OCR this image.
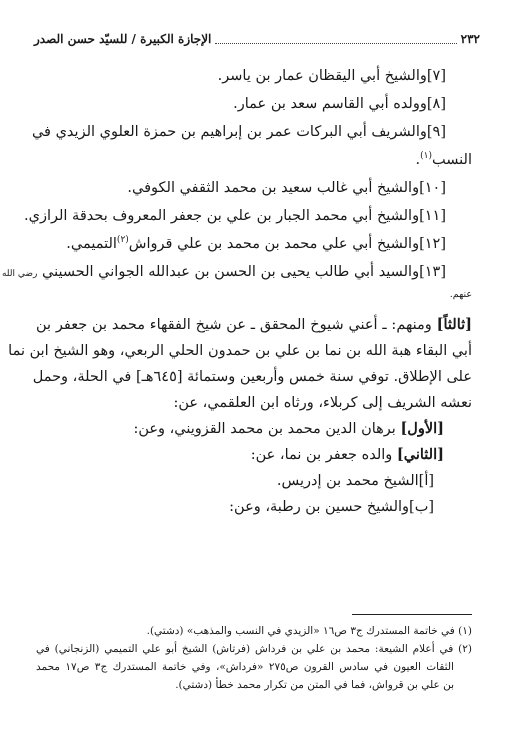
٢٣٢
الإجازة الكبيرة / للسيّد حسن الصدر
[٧]والشيخ أبي اليقظان عمار بن ياسر.
[٨]وولده أبي القاسم سعد بن عمار.
[٩]والشريف أبي البركات عمر بن إبراهيم بن حمزة العلوي الزيدي في
النسب$^{(١)}$.
[١٠]والشيخ أبي غالب سعيد بن محمد الثقفي الكوفي.
[١١]والشيخ أبي محمد الجبار بن علي بن جعفر المعروف بحدقة الرازي.
[١٢]والشيخ أبي علي محمد بن محمد بن علي قرواش$^{(٢)}$التميمي.
[١٣]والسيد أبي طالب يحيى بن الحسن بن عبدالله الجواني الحسيني رضي الله
عنهم.
[ثالثاً] ومنهم: ـ أعني شيوخ المحقق ـ عن شيخ الفقهاء محمد بن جعفر بن
أبي البقاء هبة الله بن نما بن علي بن حمدون الحلي الربعي، وهو الشيخ ابن نما
على الإطلاق. توفي سنة خمس وأربعين وستمائة [٦٤٥هـ] في الحلة، وحمل
نعشه الشريف إلى كربلاء، ورثاه ابن العلقمي، عن:
[الأول] برهان الدين محمد بن محمد القزويني، وعن:
[الثاني] والده جعفر بن نما، عن:
[أ]الشيخ محمد بن إدريس.
[ب]والشيخ حسين بن رطبة، وعن:
(١) في خاتمة المستدرك ج٣ ص١٦ «الزيدي في النسب والمذهب» (دشتي).
(٢) في أعلام الشيعة: محمد بن علي بن فرداش (فرتاش) الشيخ أبو علي التميمي (الزنجاني) في
الثقات العيون في سادس القرون ص٢٧٥ «فرداش»، وفي خاتمة المستدرك ج٣ ص١٧ محمد
بن علي بن قرواش، فما في المتن من تكرار محمد خطأ (دشتي).
